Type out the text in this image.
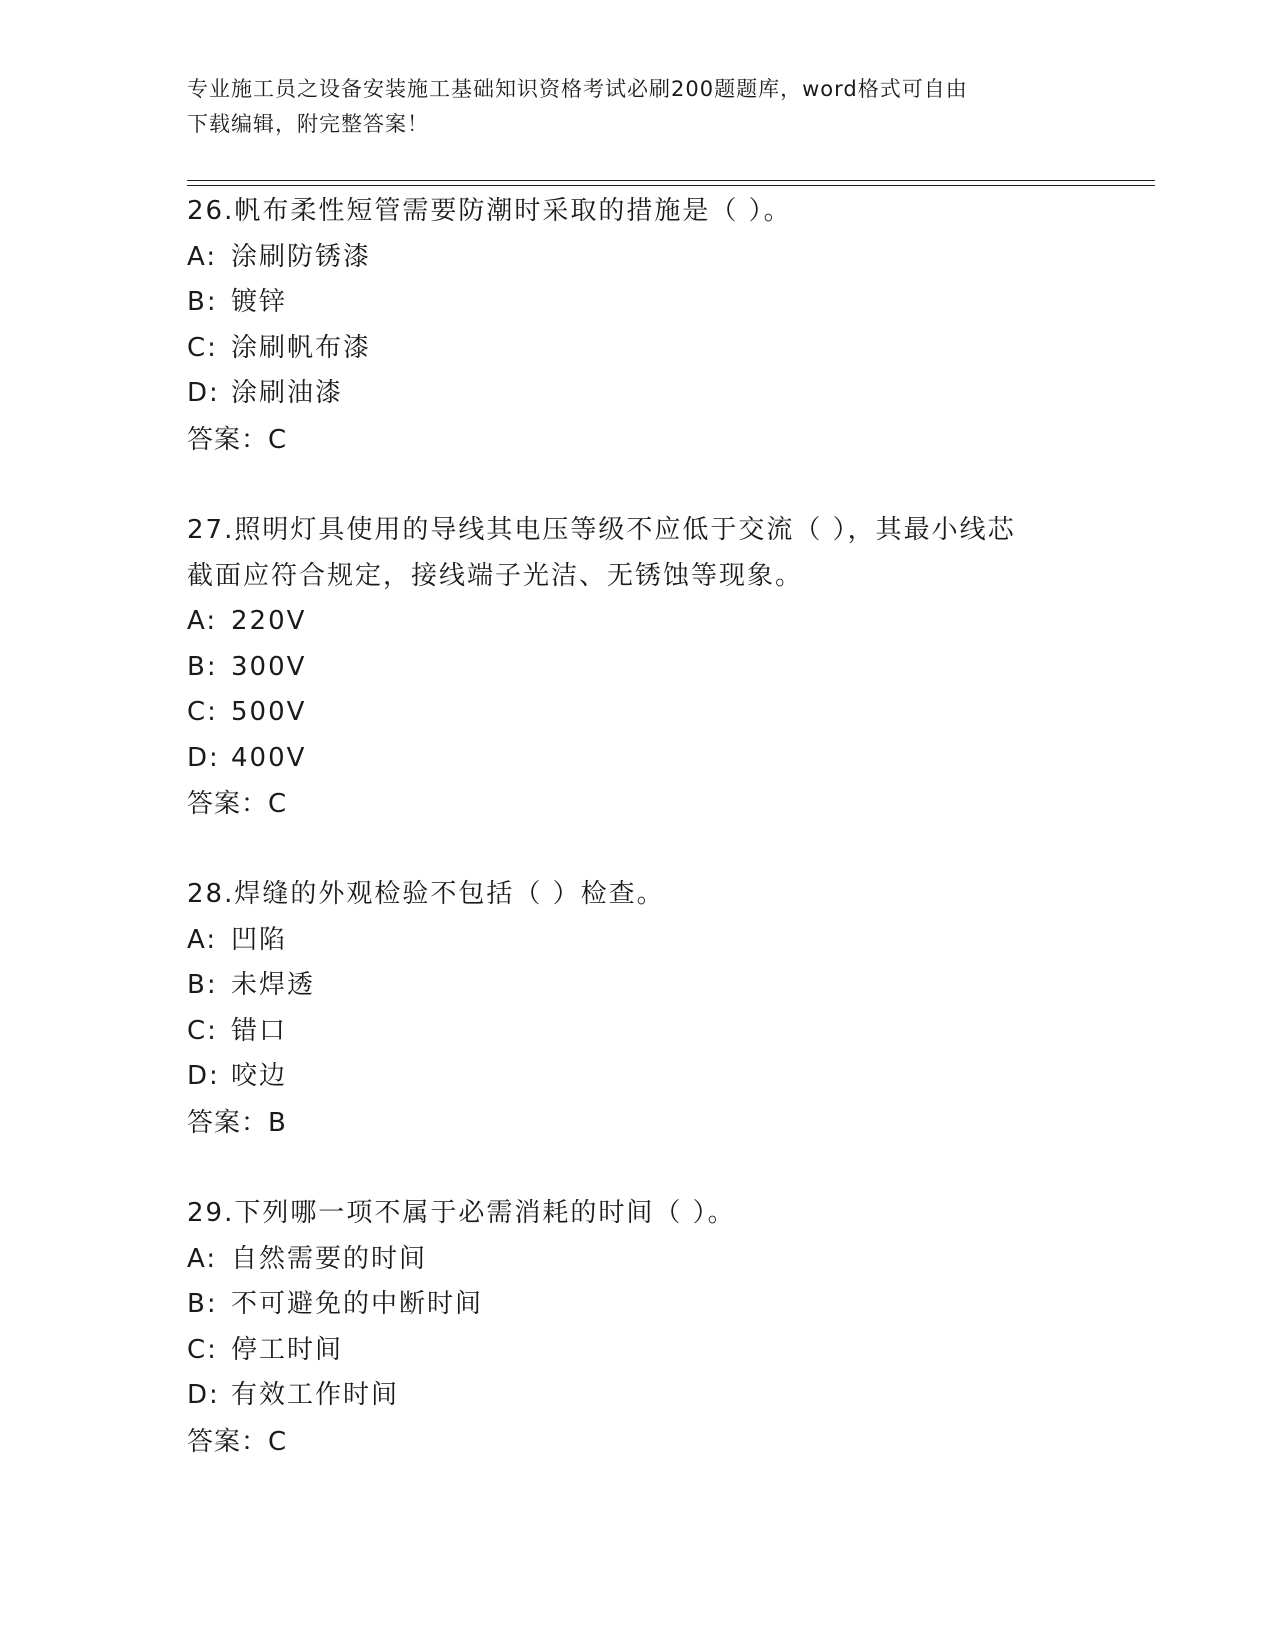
专业施工员之设备安装施工基础知识资格考试必刷200题题库，word格式可自由
下载编辑，附完整答案！
26.帆布柔性短管需要防潮时采取的措施是（ ）。
A: 涂刷防锈漆
B: 镀锌
C: 涂刷帆布漆
D: 涂刷油漆
答案：C
27.照明灯具使用的导线其电压等级不应低于交流（ ），其最小线芯
截面应符合规定，接线端子光洁、无锈蚀等现象。
A: 220V
B: 300V
C: 500V
D: 400V
答案：C
28.焊缝的外观检验不包括（ ）检查。
A: 凹陷
B: 未焊透
C: 错口
D: 咬边
答案：B
29.下列哪一项不属于必需消耗的时间（ ）。
A: 自然需要的时间
B: 不可避免的中断时间
C: 停工时间
D: 有效工作时间
答案：C
